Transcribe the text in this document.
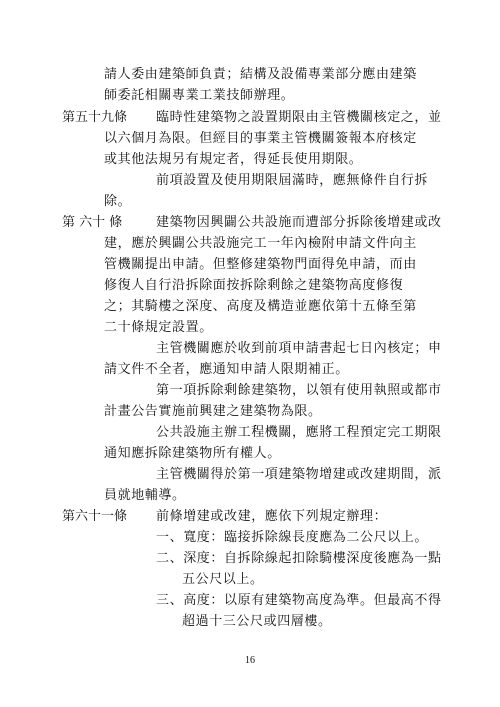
請人委由建築師負責；結構及設備專業部分應由建築
師委託相關專業工業技師辦理。
第五十九條 臨時性建築物之設置期限由主管機關核定之，並
以六個月為限。但經目的事業主管機關簽報本府核定
或其他法規另有規定者，得延長使用期限。
前項設置及使用期限屆滿時，應無條件自行拆
除。
第 六十 條	建築物因興闢公共設施而遭部分拆除後增建或改
建，應於興闢公共設施完工一年內檢附申請文件向主
管機關提出申請。但整修建築物門面得免申請，而由
修復人自行沿拆除面按拆除剩餘之建築物高度修復
之；其騎樓之深度、高度及構造並應依第十五條至第
二十條規定設置。
主管機關應於收到前項申請書起七日內核定；申
請文件不全者，應通知申請人限期補正。
第一項拆除剩餘建築物，以領有使用執照或都市
計畫公告實施前興建之建築物為限。
公共設施主辦工程機關，應將工程預定完工期限
通知應拆除建築物所有權人。
主管機關得於第一項建築物增建或改建期間，派
員就地輔導。
第六十一條 前條增建或改建，應依下列規定辦理：
一、寬度：臨接拆除線長度應為二公尺以上。
二、深度：自拆除線起扣除騎樓深度後應為一點
五公尺以上。
三、高度：以原有建築物高度為準。但最高不得
超過十三公尺或四層樓。
16
